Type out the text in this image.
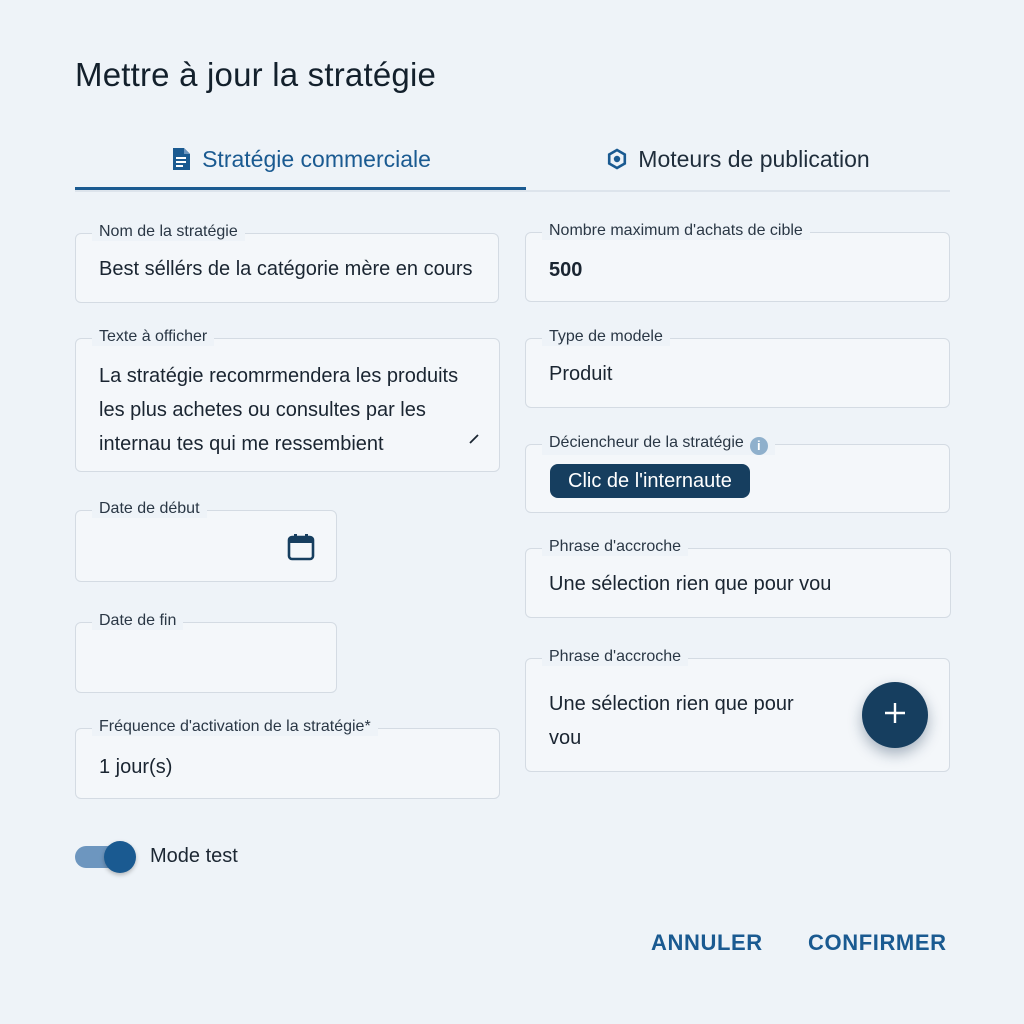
Mettre à jour la stratégie
Stratégie commerciale	Moteurs de publication
Nom de la stratégie
Best séllérs de la catégorie mère en cours
Texte à officher
La stratégie recomrmendera les produits
les plus achetes ou consultes par les
internau tes qui me ressembient
Date de début
Date de fin
Fréquence d'activation de la stratégie*
1 jour(s)
Nombre maximum d'achats de cible
500
Type de modele
Produit
Déciencheur de la stratégie i
Clic de l'internaute
Phrase d'accroche
Une sélection rien que pour vou
Phrase d'accroche
Une sélection rien que pour
vou
Mode test
ANNULER CONFIRMER
